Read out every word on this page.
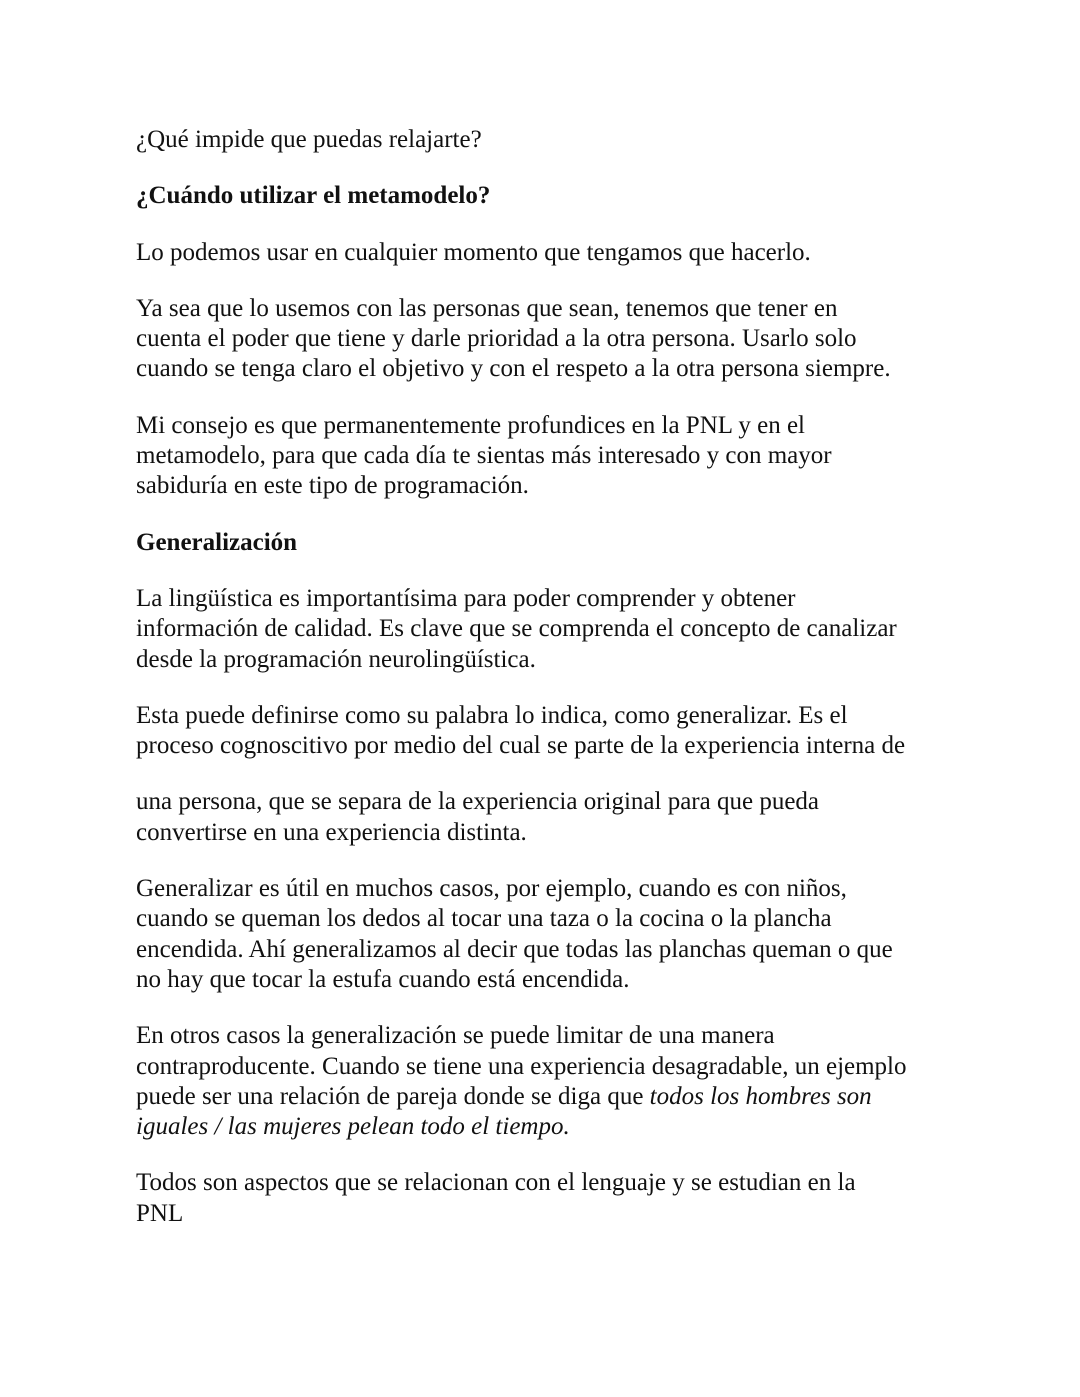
¿Qué impide que puedas relajarte?

¿Cuándo utilizar el metamodelo?

Lo podemos usar en cualquier momento que tengamos que hacerlo.

Ya sea que lo usemos con las personas que sean, tenemos que tener en
cuenta el poder que tiene y darle prioridad a la otra persona. Usarlo solo
cuando se tenga claro el objetivo y con el respeto a la otra persona siempre.

Mi consejo es que permanentemente profundices en la PNL y en el
metamodelo, para que cada día te sientas más interesado y con mayor
sabiduría en este tipo de programación.

Generalización

La lingüística es importantísima para poder comprender y obtener
información de calidad. Es clave que se comprenda el concepto de canalizar
desde la programación neurolingüística.

Esta puede definirse como su palabra lo indica, como generalizar. Es el
proceso cognoscitivo por medio del cual se parte de la experiencia interna de

una persona, que se separa de la experiencia original para que pueda
convertirse en una experiencia distinta.

Generalizar es útil en muchos casos, por ejemplo, cuando es con niños,
cuando se queman los dedos al tocar una taza o la cocina o la plancha
encendida. Ahí generalizamos al decir que todas las planchas queman o que
no hay que tocar la estufa cuando está encendida.

En otros casos la generalización se puede limitar de una manera
contraproducente. Cuando se tiene una experiencia desagradable, un ejemplo
puede ser una relación de pareja donde se diga que todos los hombres son
iguales / las mujeres pelean todo el tiempo.

Todos son aspectos que se relacionan con el lenguaje y se estudian en la
PNL
